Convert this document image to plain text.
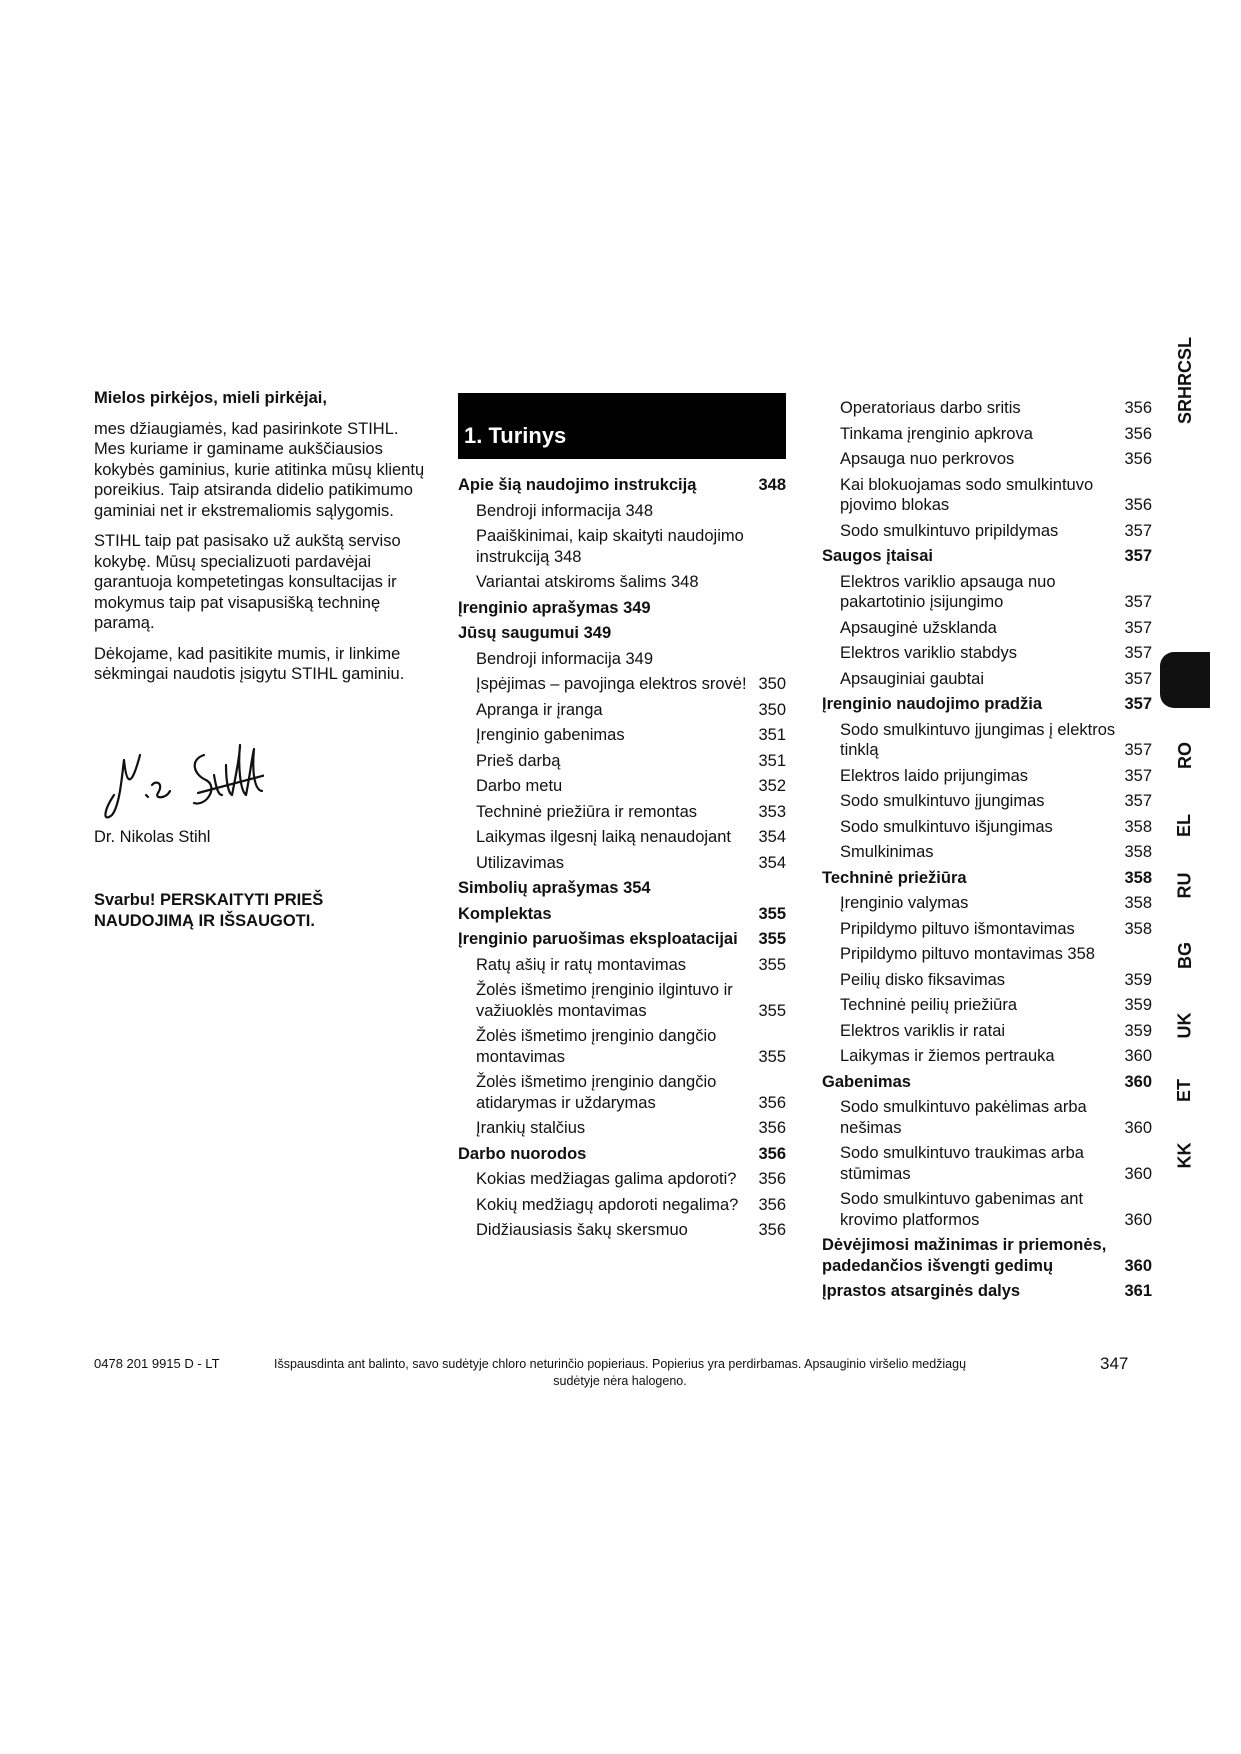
Mielos pirkėjos, mieli pirkėjai,

mes džiaugiamės, kad pasirinkote STIHL. Mes kuriame ir gaminame aukščiausios kokybės gaminius, kurie atitinka mūsų klientų poreikius. Taip atsiranda didelio patikimumo gaminiai net ir ekstremaliomis sąlygomis.

STIHL taip pat pasisako už aukštą serviso kokybę. Mūsų specializuoti pardavėjai garantuoja kompetetingas konsultacijas ir mokymus taip pat visapusišką techninę paramą.

Dėkojame, kad pasitikite mumis, ir linkime sėkmingai naudotis įsigytu STIHL gaminiu.

Dr. Nikolas Stihl
Svarbu! PERSKAITYTI PRIEŠ NAUDOJIMĄ IR IŠSAUGOTI.
1. Turinys
Apie šią naudojimo instrukciją	348
Bendroji informacija 348
Paaiškinimai, kaip skaityti naudojimo instrukciją 348
Variantai atskiroms šalims 348
Įrenginio aprašymas 349
Jūsų saugumui 349
Bendroji informacija 349
Įspėjimas – pavojinga elektros srovė! 350
Apranga ir įranga	350
Įrenginio gabenimas	351
Prieš darbą	351
Darbo metu	352
Techninė priežiūra ir remontas	353
Laikymas ilgesnį laiką nenaudojant	354
Utilizavimas	354
Simbolių aprašymas 354
Komplektas	355
Įrenginio paruošimas eksploatacijai	355
Ratų ašių ir ratų montavimas	355
Žolės išmetimo įrenginio ilgintuvo ir važiuoklės montavimas	355
Žolės išmetimo įrenginio dangčio montavimas	355
Žolės išmetimo įrenginio dangčio atidarymas ir uždarymas	356
Įrankių stalčius	356
Darbo nuorodos	356
Kokias medžiagas galima apdoroti?	356
Kokių medžiagų apdoroti negalima?	356
Didžiausiasis šakų skersmuo	356
Operatoriaus darbo sritis	356
Tinkama įrenginio apkrova	356
Apsauga nuo perkrovos	356
Kai blokuojamas sodo smulkintuvo pjovimo blokas	356
Sodo smulkintuvo pripildymas	357
Saugos įtaisai	357
Elektros variklio apsauga nuo pakartotinio įsijungimo	357
Apsauginė užsklanda	357
Elektros variklio stabdys	357
Apsauginiai gaubtai	357
Įrenginio naudojimo pradžia	357
Sodo smulkintuvo įjungimas į elektros tinklą	357
Elektros laido prijungimas	357
Sodo smulkintuvo įjungimas	357
Sodo smulkintuvo išjungimas	358
Smulkinimas	358
Techninė priežiūra	358
Įrenginio valymas	358
Pripildymo piltuvo išmontavimas	358
Pripildymo piltuvo montavimas 358
Peilių disko fiksavimas	359
Techninė peilių priežiūra	359
Elektros variklis ir ratai	359
Laikymas ir žiemos pertrauka	360
Gabenimas	360
Sodo smulkintuvo pakėlimas arba nešimas	360
Sodo smulkintuvo traukimas arba stūmimas	360
Sodo smulkintuvo gabenimas ant krovimo platformos	360
Dėvėjimosi mažinimas ir priemonės, padedančios išvengti gedimų	360
Įprastos atsarginės dalys	361
SRHRCSL
RO
EL
RU
BG
UK
ET
KK
0478 201 9915 D - LT	Išspausdinta ant balinto, savo sudėtyje chloro neturinčio popieriaus. Popierius yra perdirbamas. Apsauginio viršelio medžiagų sudėtyje nėra halogeno.
347
